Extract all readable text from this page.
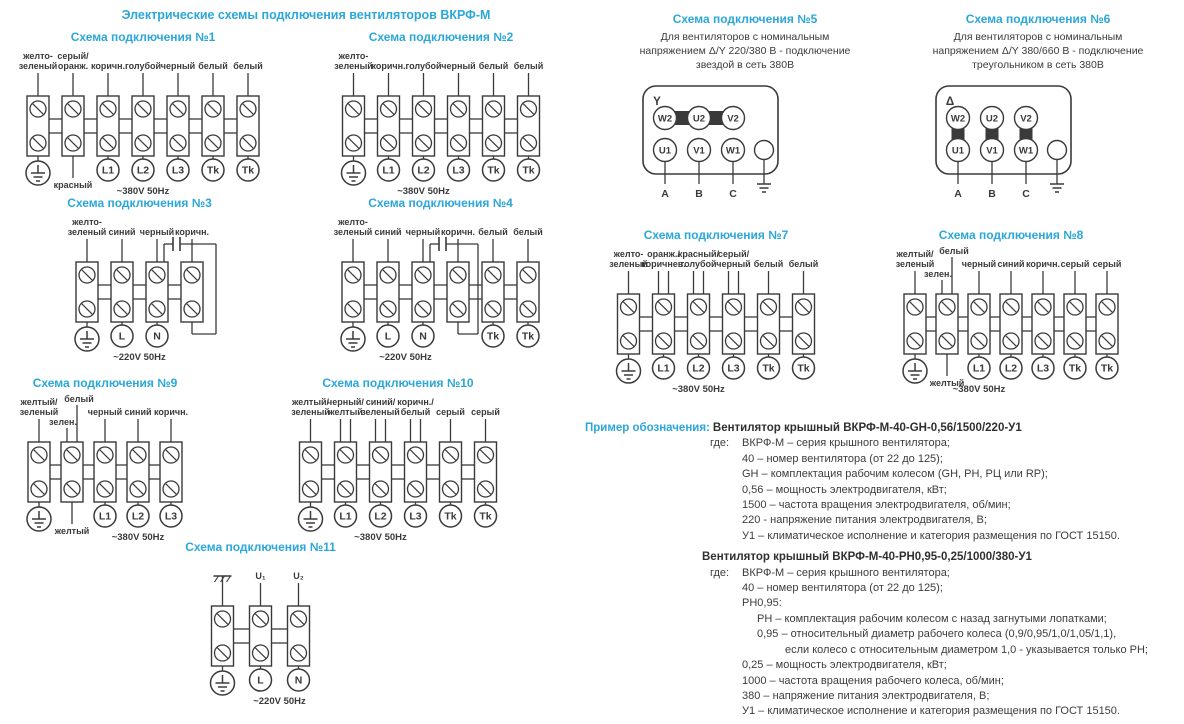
Электрические схемы подключения вентиляторов ВКРФ-М
Схема подключения №1
желто-
зеленый
серый/
оранж.
красный
коричн.
L1
голубой
L2
черный
L3
белый
Tk
белый
Tk
~380V 50Hz
Схема подключения №2
желто-
зеленый
коричн.
L1
голубой
L2
черный
L3
белый
Tk
белый
Tk
~380V 50Hz
Схема подключения №3
желто-
зеленый синий
L
черный
N
коричн.
~220V 50Hz
Схема подключения №4
желто-
зеленый синий
L
черный
N
коричн. белый
Tk
белый
Tk
~220V 50Hz
Схема подключения №5
Для вентиляторов с номинальным
напряжением Δ/Y 220/380 В - подключение
звездой в сеть 380В
Y
W2
U1
A
U2
V1
B
V2
W1
C
Схема подключения №6
Для вентиляторов с номинальным
напряжением Δ/Y 380/660 В - подключение
треугольником в сеть 380В
Δ
W2
U1
A
U2
V1
B
V2
W1
C
Схема подключения №7
желто-
зеленый
оранж./
коричнев.
L1
красный/
голубой
L2
серый/
черный
L3
белый
Tk
белый
Tk
~380V 50Hz
Схема подключения №8
желтый/
зеленый
белый
зелен.
желтый
черный
L1
синий
L2
коричн.
L3
серый
Tk
серый
Tk
~380V 50Hz
Схема подключения №9
желтый/
зеленый
белый
зелен.
желтый
черный
L1
синий
L2
коричн.
L3
~380V 50Hz
Схема подключения №10
желтый/
зеленый
черный/
желтый
L1
синий/
зеленый
L2
коричн./
белый
L3
серый
Tk
серый
Tk
~380V 50Hz
Схема подключения №11
U₁
L
U₂
N
~220V 50Hz
Пример обозначения: Вентилятор крышный ВКРФ-М-40-GH-0,56/1500/220-У1
где: ВКРФ-М – серия крышного вентилятора;
40 – номер вентилятора (от 22 до 125);
GH – комплектация рабочим колесом (GH, PH, РЦ или RP);
0,56 – мощность электродвигателя, кВт;
1500 – частота вращения электродвигателя, об/мин;
220 - напряжение питания электродвигателя, В;
У1 – климатическое исполнение и категория размещения по ГОСТ 15150.
Вентилятор крышный ВКРФ-М-40-РН0,95-0,25/1000/380-У1
где: ВКРФ-М – серия крышного вентилятора;
40 – номер вентилятора (от 22 до 125);
РН0,95:
РН – комплектация рабочим колесом с назад загнутыми лопатками;
0,95 – относительный диаметр рабочего колеса (0,9/0,95/1,0/1,05/1,1),
если колесо с относительным диаметром 1,0 - указывается только РН;
0,25 – мощность электродвигателя, кВт;
1000 – частота вращения рабочего колеса, об/мин;
380 – напряжение питания электродвигателя, В;
У1 – климатическое исполнение и категория размещения по ГОСТ 15150.
